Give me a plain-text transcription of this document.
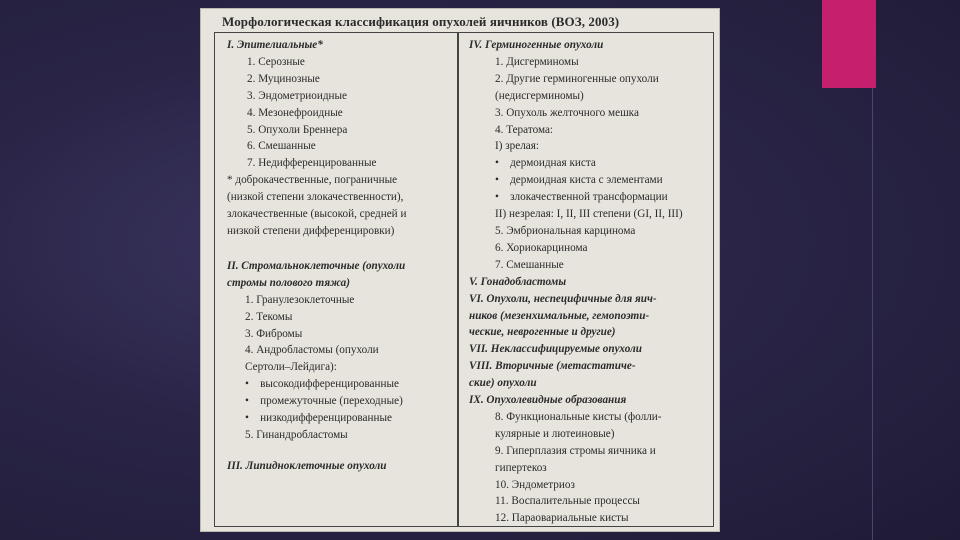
Морфологическая классификация опухолей яичников (ВОЗ, 2003)
I. Эпителиальные*
1. Серозные
2. Муцинозные
3. Эндометриоидные
4. Мезонефроидные
5. Опухоли Бреннера
6. Смешанные
7. Недифференцированные
* доброкачественные, пограничные
(низкой степени злокачественности),
злокачественные (высокой, средней и
низкой степени дифференцировки)
II. Стромальноклеточные (опухоли
стромы полового тяжа)
1. Гранулезоклеточные
2. Текомы
3. Фибромы
4. Андробластомы (опухоли
Сертоли–Лейдига):
•    высокодифференцированные
•    промежуточные (переходные)
•    низкодифференцированные
5. Гинандробластомы
III. Липидноклеточные опухоли
IV. Герминогенные опухоли
1. Дисгерминомы
2. Другие герминогенные опухоли
(недисгерминомы)
3. Опухоль желточного мешка
4. Тератома:
I) зрелая:
•    дермоидная киста
•    дермоидная киста с элементами
•    злокачественной трансформации
II) незрелая: I, II, III степени (GI, II, III)
5. Эмбриональная карцинома
6. Хориокарцинома
7. Смешанные
V. Гонадобластомы
VI. Опухоли, неспецифичные для яич-
ников (мезенхимальные, гемопоэти-
ческие, неврогенные и другие)
VII. Неклассифицируемые опухоли
VIII. Вторичные (метастатиче-
ские) опухоли
IX. Опухолевидные образования
8. Функциональные кисты (фолли-
кулярные и лютеиновые)
9. Гиперплазия стромы яичника и
гипертекоз
10. Эндометриоз
11. Воспалительные процессы
12. Параовариальные кисты
